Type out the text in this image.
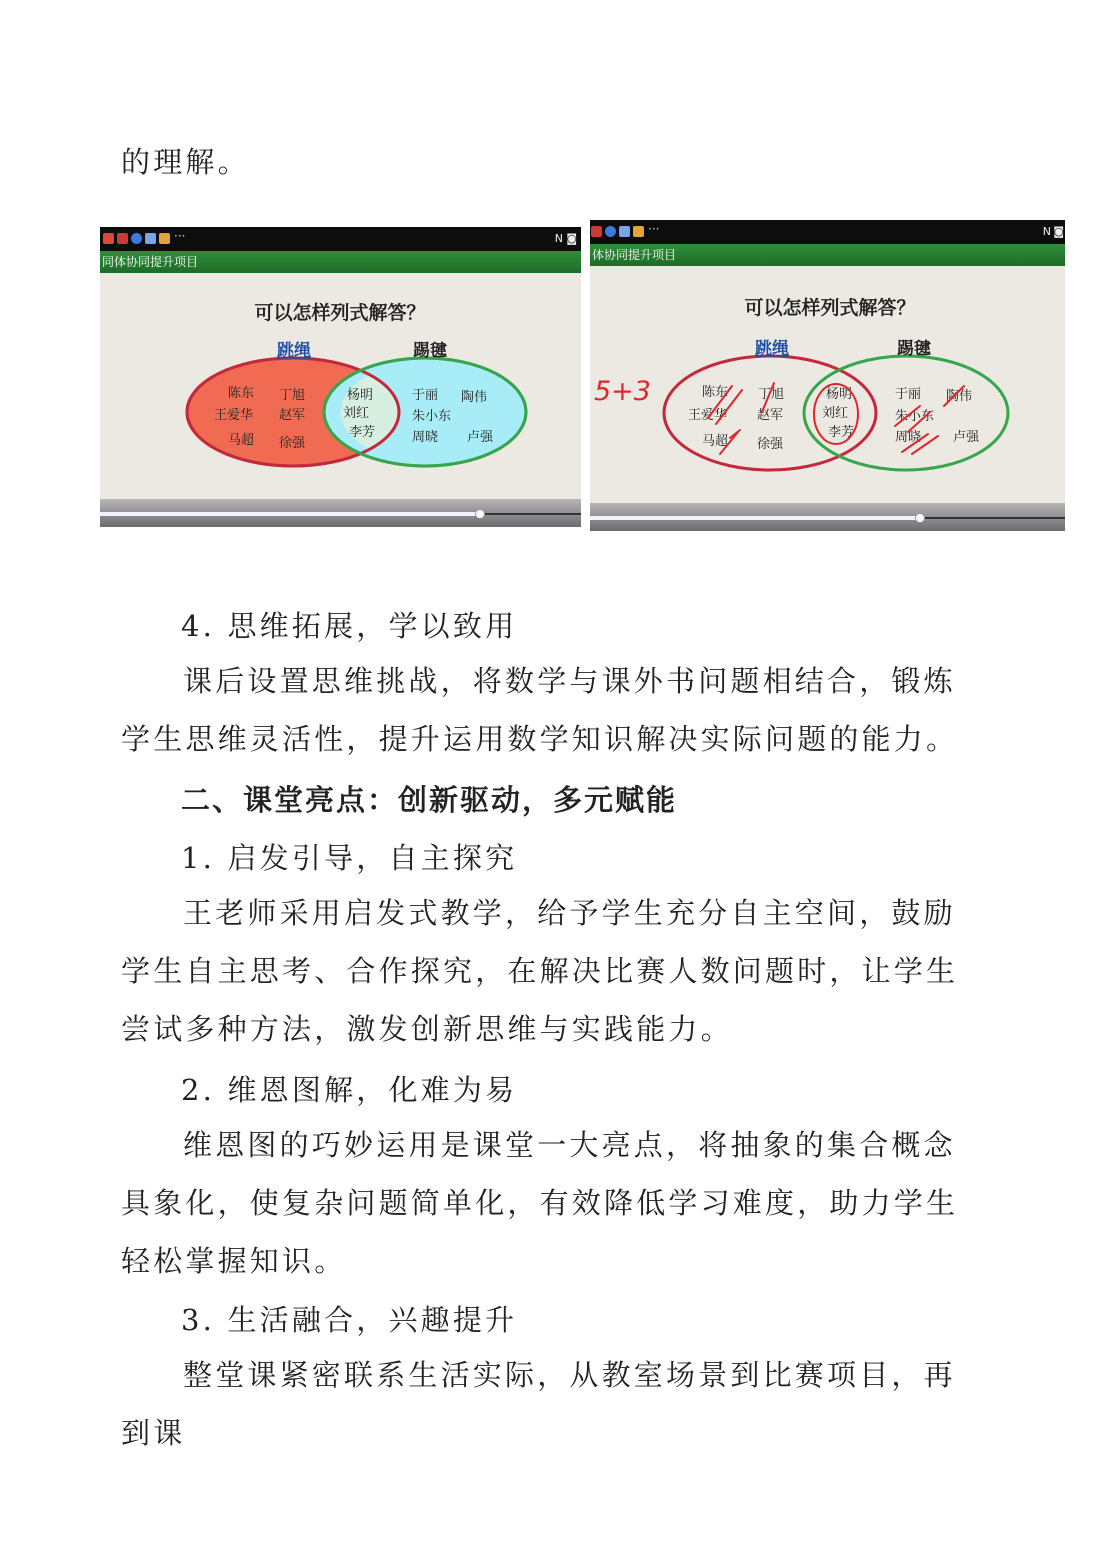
的理解。

···	N ◙
同体协同提升项目
可以怎样列式解答？
跳绳	踢毽
陈东 丁旭
王爱华 赵军
马超 徐强
杨明
刘红
李芳
于丽 陶伟
朱小东
周晓 卢强
···	N ◙
体协同提升项目
可以怎样列式解答？
跳绳	踢毽
陈东 丁旭
王爱华 赵军
马超 徐强
杨明
刘红
李芳
于丽 陶伟
朱小东
周晓 卢强
5+3

4. 思维拓展，学以致用

课后设置思维挑战，将数学与课外书问题相结合，锻炼学生思维灵活性，提升运用数学知识解决实际问题的能力。

二、课堂亮点：创新驱动，多元赋能

1. 启发引导，自主探究

王老师采用启发式教学，给予学生充分自主空间，鼓励学生自主思考、合作探究，在解决比赛人数问题时，让学生尝试多种方法，激发创新思维与实践能力。

2. 维恩图解，化难为易

维恩图的巧妙运用是课堂一大亮点，将抽象的集合概念具象化，使复杂问题简单化，有效降低学习难度，助力学生轻松掌握知识。

3. 生活融合，兴趣提升

整堂课紧密联系生活实际，从教室场景到比赛项目，再到课
